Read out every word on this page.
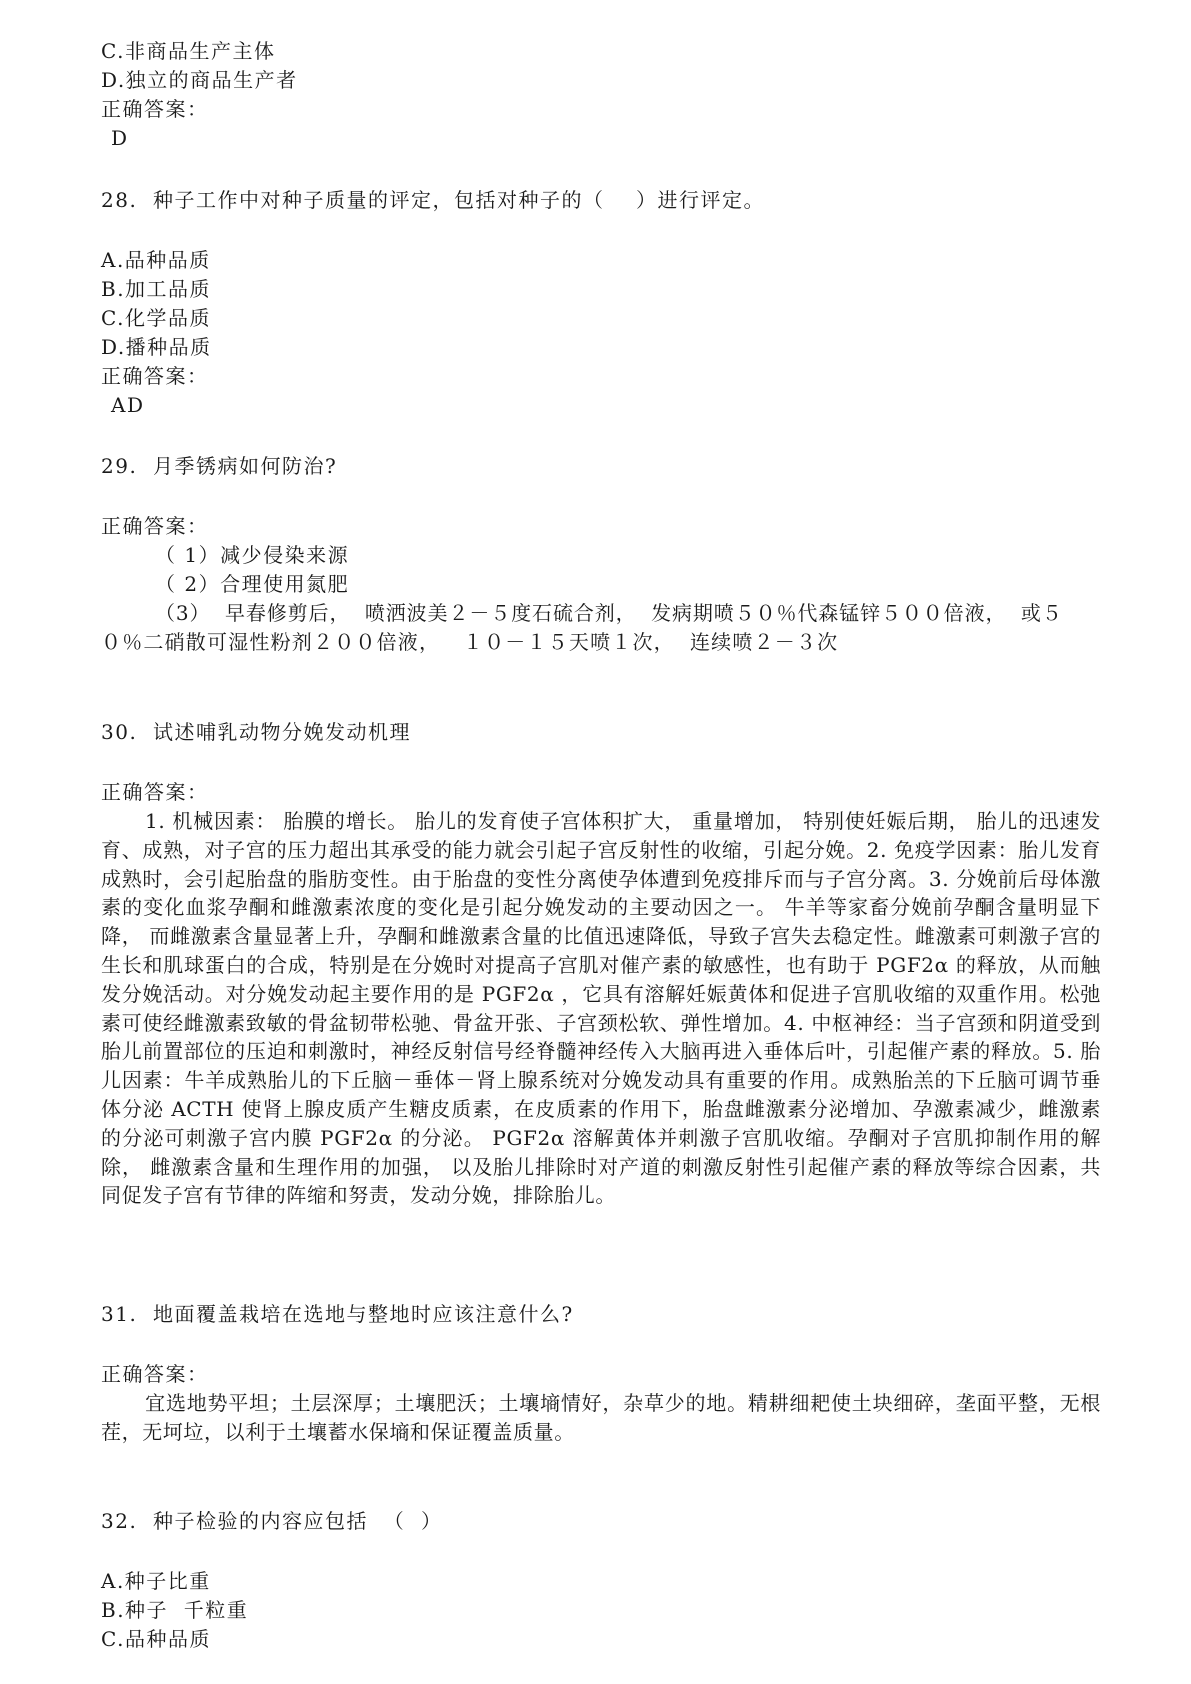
C.非商品生产主体
D.独立的商品生产者
正确答案：
D
28.  种子工作中对种子质量的评定，包括对种子的（    ）进行评定。
A.品种品质
B.加工品质
C.化学品质
D.播种品质
正确答案：
AD
29.  月季锈病如何防治?
正确答案：
（ 1）减少侵染来源
（ 2）合理使用氮肥
（3）  早春修剪后，  喷洒波美２－５度石硫合剂，  发病期喷５０％代森锰锌５００倍液，  或５
０％二硝散可湿性粉剂２００倍液，   １０－１５天喷１次，  连续喷２－３次
30.  试述哺乳动物分娩发动机理
正确答案：
1. 机械因素： 胎膜的增长。 胎儿的发育使子宫体积扩大， 重量增加， 特别使妊娠后期， 胎儿的迅速发育、成熟，对子宫的压力超出其承受的能力就会引起子宫反射性的收缩，引起分娩。2. 免疫学因素：胎儿发育成熟时，会引起胎盘的脂肪变性。由于胎盘的变性分离使孕体遭到免疫排斥而与子宫分离。3. 分娩前后母体激素的变化血浆孕酮和雌激素浓度的变化是引起分娩发动的主要动因之一。 牛羊等家畜分娩前孕酮含量明显下降， 而雌激素含量显著上升，孕酮和雌激素含量的比值迅速降低，导致子宫失去稳定性。雌激素可刺激子宫的生长和肌球蛋白的合成，特别是在分娩时对提高子宫肌对催产素的敏感性，也有助于 PGF2α 的释放，从而触发分娩活动。对分娩发动起主要作用的是 PGF2α ，它具有溶解妊娠黄体和促进子宫肌收缩的双重作用。松弛素可使经雌激素致敏的骨盆韧带松驰、骨盆开张、子宫颈松软、弹性增加。4. 中枢神经：当子宫颈和阴道受到胎儿前置部位的压迫和刺激时，神经反射信号经脊髓神经传入大脑再进入垂体后叶，引起催产素的释放。5. 胎儿因素：牛羊成熟胎儿的下丘脑－垂体－肾上腺系统对分娩发动具有重要的作用。成熟胎羔的下丘脑可调节垂体分泌 ACTH 使肾上腺皮质产生糖皮质素，在皮质素的作用下，胎盘雌激素分泌增加、孕激素减少，雌激素的分泌可刺激子宫内膜 PGF2α 的分泌。 PGF2α 溶解黄体并刺激子宫肌收缩。孕酮对子宫肌抑制作用的解除， 雌激素含量和生理作用的加强， 以及胎儿排除时对产道的刺激反射性引起催产素的释放等综合因素，共同促发子宫有节律的阵缩和努责，发动分娩，排除胎儿。
31.  地面覆盖栽培在选地与整地时应该注意什么?
正确答案：
宜选地势平坦；土层深厚；土壤肥沃；土壤墒情好，杂草少的地。精耕细耙使土块细碎，垄面平整，无根茬，无坷垃，以利于土壤蓄水保墒和保证覆盖质量。
32.  种子检验的内容应包括  （  ）
A.种子比重
B.种子  千粒重
C.品种品质
